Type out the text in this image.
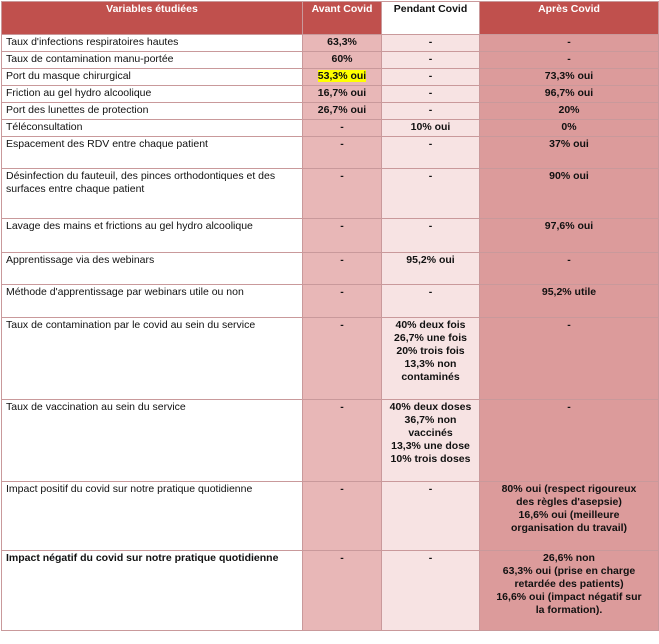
Variables étudiées	Avant Covid	Pendant Covid	Après Covid
Taux d'infections respiratoires hautes	63,3%	-	-

Taux de contamination manu-portée	60%	-	-

Port du masque chirurgical	53,3% oui	-	73,3% oui

Friction au gel hydro alcoolique	16,7% oui	-	96,7% oui

Port des lunettes de protection	26,7% oui	-	20%

Téléconsultation	-	10% oui	0%

Espacement des RDV entre chaque patient	-	-	37% oui

Désinfection du fauteuil, des pinces orthodontiques et des surfaces entre chaque patient	-	-	90% oui

Lavage des mains et frictions au gel hydro alcoolique	-	-	97,6% oui

Apprentissage via des webinars	-	95,2% oui	-

Méthode d'apprentissage par webinars utile ou non	-	-	95,2% utile

Taux de contamination par le covid au sein du service	-	40% deux fois
26,7% une fois
20% trois fois
13,3% non
contaminés	-

Taux de vaccination au sein du service	-	40% deux doses
36,7% non
vaccinés
13,3% une dose
10% trois doses	-

Impact positif du covid sur notre pratique quotidienne	-	-	80% oui (respect rigoureux
des règles d'asepsie)
16,6% oui (meilleure
organisation du travail)

Impact négatif du covid sur notre pratique quotidienne	-	-	26,6% non
63,3% oui (prise en charge
retardée des patients)
16,6% oui (impact négatif sur
la formation).
